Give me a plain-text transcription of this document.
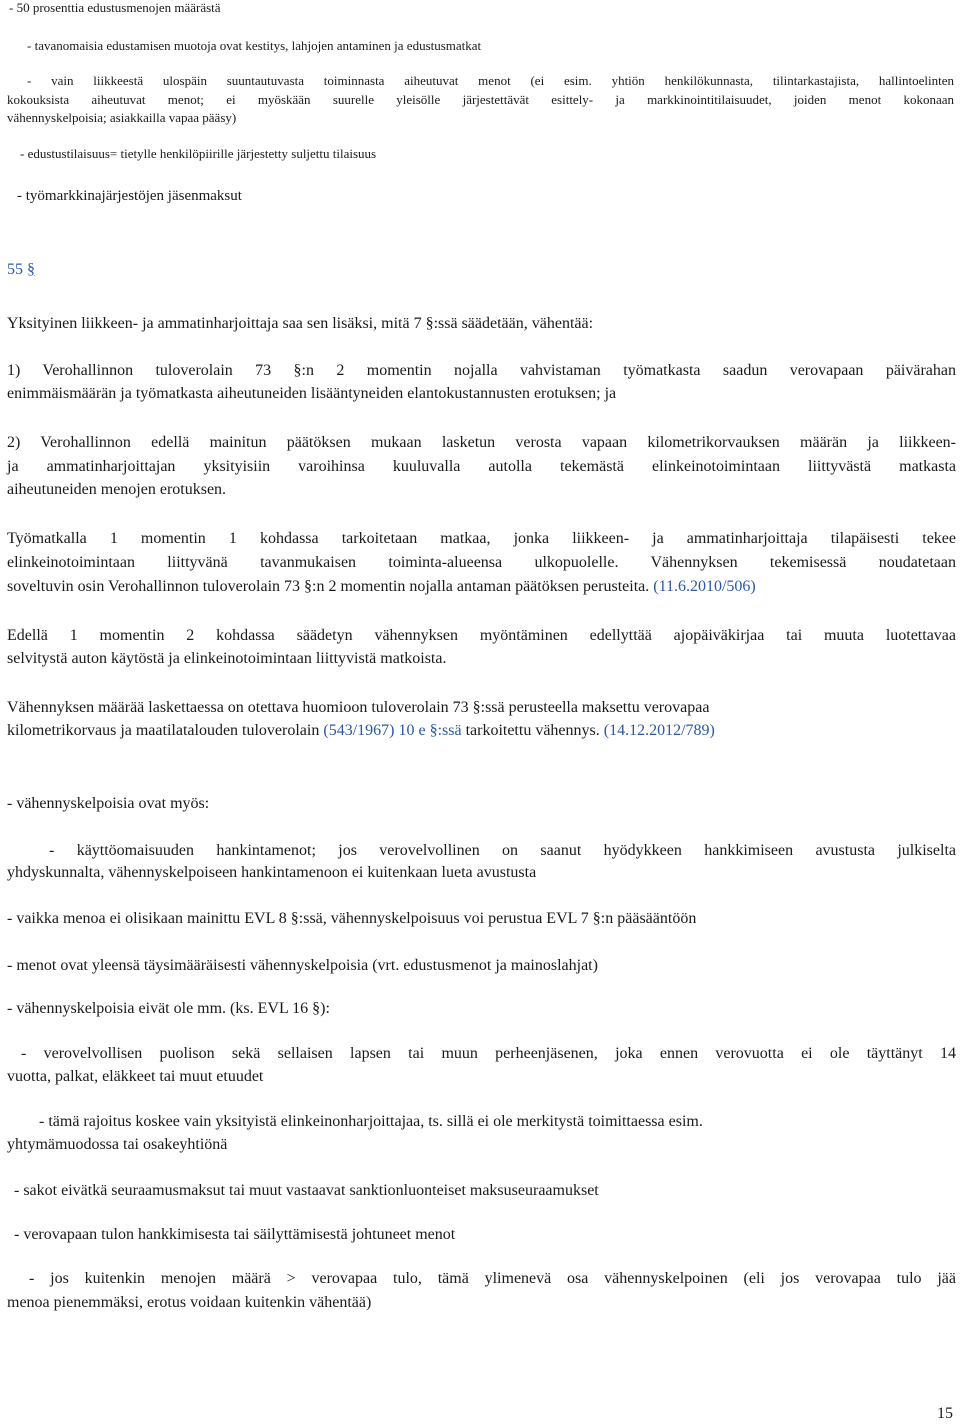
- 50 prosenttia edustusmenojen määrästä
- tavanomaisia edustamisen muotoja ovat kestitys, lahjojen antaminen ja edustusmatkat
- vain liikkeestä ulospäin suuntautuvasta toiminnasta aiheutuvat menot (ei esim. yhtiön henkilökunnasta, tilintarkastajista, hallintoelinten
kokouksista aiheutuvat menot; ei myöskään suurelle yleisölle järjestettävät esittely- ja markkinointitilaisuudet, joiden menot kokonaan
vähennyskelpoisia; asiakkailla vapaa pääsy)
- edustustilaisuus= tietylle henkilöpiirille järjestetty suljettu tilaisuus
- työmarkkinajärjestöjen jäsenmaksut
55 §
Yksityinen liikkeen- ja ammatinharjoittaja saa sen lisäksi, mitä 7 §:ssä säädetään, vähentää:
1) Verohallinnon tuloverolain 73 §:n 2 momentin nojalla vahvistaman työmatkasta saadun verovapaan päivärahan
enimmäismäärän ja työmatkasta aiheutuneiden lisääntyneiden elantokustannusten erotuksen; ja
2) Verohallinnon edellä mainitun päätöksen mukaan lasketun verosta vapaan kilometrikorvauksen määrän ja liikkeen-
ja ammatinharjoittajan yksityisiin varoihinsa kuuluvalla autolla tekemästä elinkeinotoimintaan liittyvästä matkasta
aiheutuneiden menojen erotuksen.
Työmatkalla 1 momentin 1 kohdassa tarkoitetaan matkaa, jonka liikkeen- ja ammatinharjoittaja tilapäisesti tekee
elinkeinotoimintaan liittyvänä tavanmukaisen toiminta-alueensa ulkopuolelle. Vähennyksen tekemisessä noudatetaan
soveltuvin osin Verohallinnon tuloverolain 73 §:n 2 momentin nojalla antaman päätöksen perusteita. (11.6.2010/506)
Edellä 1 momentin 2 kohdassa säädetyn vähennyksen myöntäminen edellyttää ajopäiväkirjaa tai muuta luotettavaa
selvitystä auton käytöstä ja elinkeinotoimintaan liittyvistä matkoista.
Vähennyksen määrää laskettaessa on otettava huomioon tuloverolain 73 §:ssä perusteella maksettu verovapaa
kilometrikorvaus ja maatilatalouden tuloverolain (543/1967) 10 e §:ssä tarkoitettu vähennys. (14.12.2012/789)
- vähennyskelpoisia ovat myös:
- käyttöomaisuuden hankintamenot; jos verovelvollinen on saanut hyödykkeen hankkimiseen avustusta julkiselta
yhdyskunnalta, vähennyskelpoiseen hankintamenoon ei kuitenkaan lueta avustusta
- vaikka menoa ei olisikaan mainittu EVL 8 §:ssä, vähennyskelpoisuus voi perustua EVL 7 §:n pääsääntöön
- menot ovat yleensä täysimääräisesti vähennyskelpoisia (vrt. edustusmenot ja mainoslahjat)
- vähennyskelpoisia eivät ole mm. (ks. EVL 16 §):
- verovelvollisen puolison sekä sellaisen lapsen tai muun perheenjäsenen, joka ennen verovuotta ei ole täyttänyt 14
vuotta, palkat, eläkkeet tai muut etuudet
- tämä rajoitus koskee vain yksityistä elinkeinonharjoittajaa, ts. sillä ei ole merkitystä toimittaessa esim.
yhtymämuodossa tai osakeyhtiönä
- sakot eivätkä seuraamusmaksut tai muut vastaavat sanktionluonteiset maksuseuraamukset
- verovapaan tulon hankkimisesta tai säilyttämisestä johtuneet menot
- jos kuitenkin menojen määrä > verovapaa tulo, tämä ylimenevä osa vähennyskelpoinen (eli jos verovapaa tulo jää
menoa pienemmäksi, erotus voidaan kuitenkin vähentää)
15
